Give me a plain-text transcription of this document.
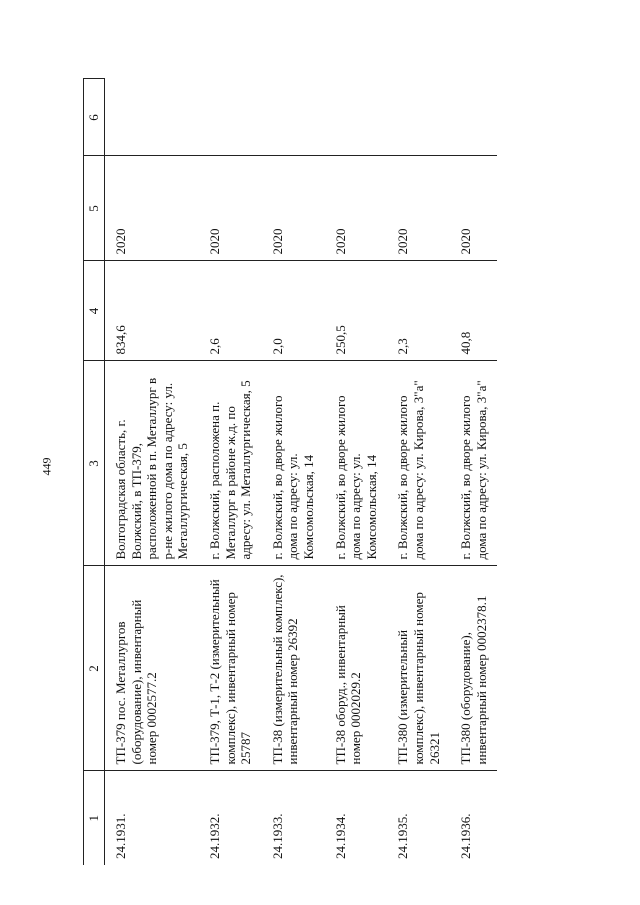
449
1	2	3	4	5	6
24.1931.	ТП-379 пос. Металлургов (оборудование), инвентарный номер 0002577.2	Волгоградская область, г. Волжский, в ТП-379, расположенной в п. Металлург в р-не жилого дома по адресу: ул. Металлургическая, 5	834,6	2020	
24.1932.	ТП-379, Т-1, Т-2 (измерительный комплекс), инвентарный номер 25787	г. Волжский, расположена п. Металлург в районе ж.д. по адресу: ул. Металлургическая, 5	2,6	2020	
24.1933.	ТП-38 (измерительный комплекс), инвентарный номер 26392	г. Волжский, во дворе жилого дома по адресу: ул. Комсомольская, 14	2,0	2020	
24.1934.	ТП-38 оборуд., инвентарный номер 0002029.2	г. Волжский, во дворе жилого дома по адресу: ул. Комсомольская, 14	250,5	2020	
24.1935.	ТП-380 (измерительный комплекс), инвентарный номер 26321	г. Волжский, во дворе жилого дома по адресу: ул. Кирова, 3"а"	2,3	2020	
24.1936.	ТП-380 (оборудование), инвентарный номер 0002378.1	г. Волжский, во дворе жилого дома по адресу: ул. Кирова, 3"а"	40,8	2020	
